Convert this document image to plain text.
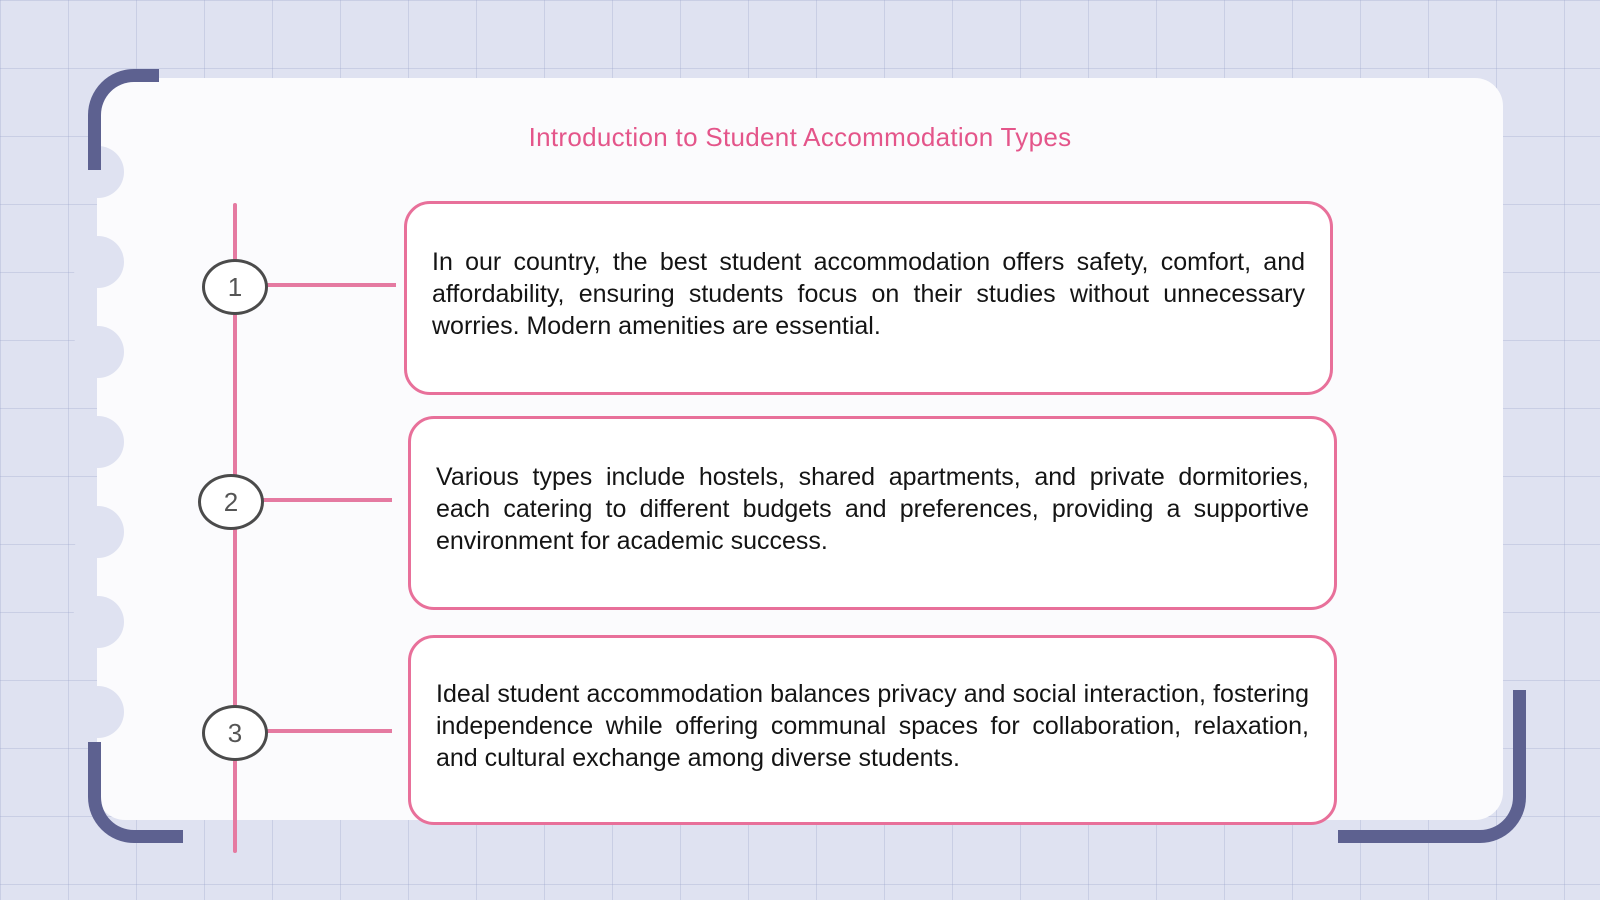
Introduction to Student Accommodation Types
1

In our country, the best student accommodation offers safety, comfort, and affordability, ensuring students focus on their studies without unnecessary worries. Modern amenities are essential.

2

Various types include hostels, shared apartments, and private dormitories, each catering to different budgets and preferences, providing a supportive environment for academic success.

3

Ideal student accommodation balances privacy and social interaction, fostering independence while offering communal spaces for collaboration, relaxation, and cultural exchange among diverse students.
